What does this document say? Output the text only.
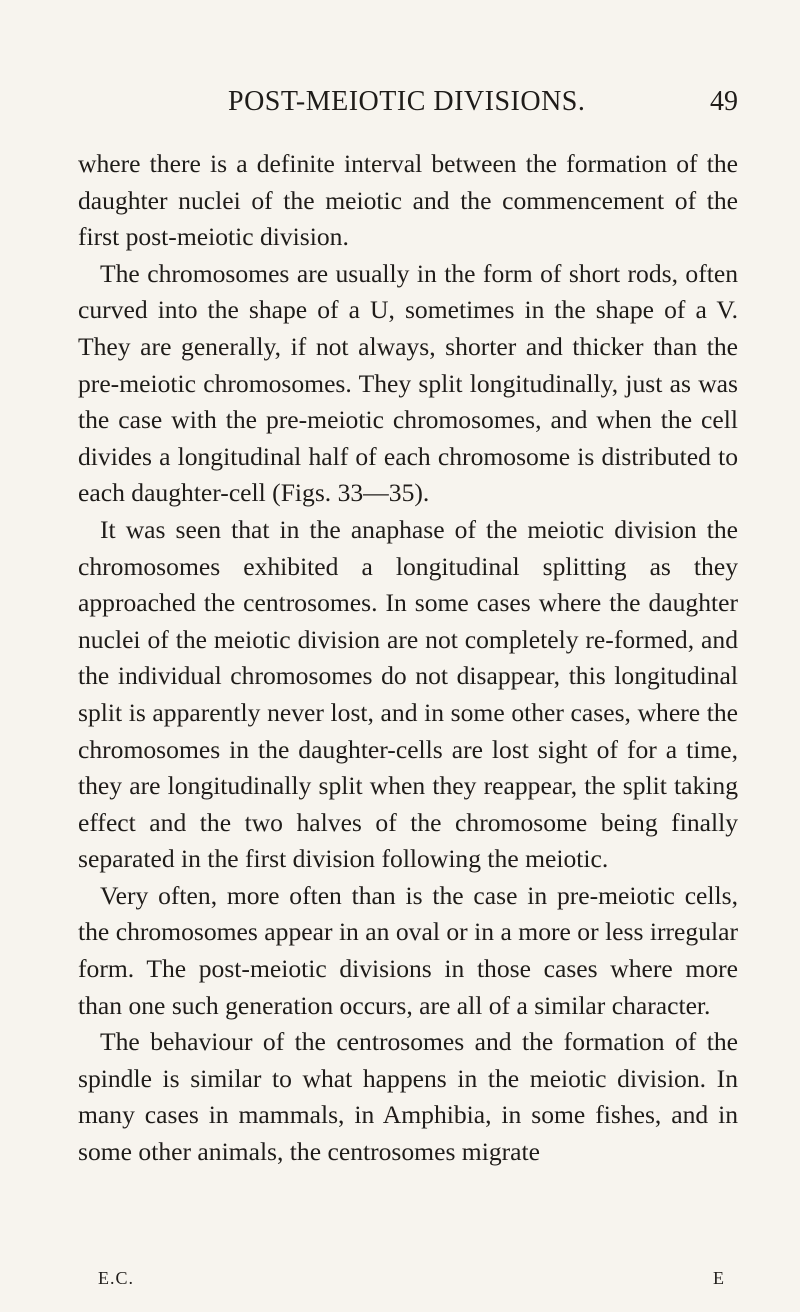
POST-MEIOTIC DIVISIONS.	49

where there is a definite interval between the formation of the daughter nuclei of the meiotic and the commencement of the first post-meiotic division.

The chromosomes are usually in the form of short rods, often curved into the shape of a U, sometimes in the shape of a V. They are generally, if not always, shorter and thicker than the pre-meiotic chromosomes. They split longitudinally, just as was the case with the pre-meiotic chromosomes, and when the cell divides a longitudinal half of each chromosome is distributed to each daughter-cell (Figs. 33—35).

It was seen that in the anaphase of the meiotic division the chromosomes exhibited a longitudinal splitting as they approached the centrosomes. In some cases where the daughter nuclei of the meiotic division are not completely re-formed, and the individual chromosomes do not disappear, this longitudinal split is apparently never lost, and in some other cases, where the chromosomes in the daughter-cells are lost sight of for a time, they are longitudinally split when they reappear, the split taking effect and the two halves of the chromosome being finally separated in the first division following the meiotic.

Very often, more often than is the case in pre-meiotic cells, the chromosomes appear in an oval or in a more or less irregular form. The post-meiotic divisions in those cases where more than one such generation occurs, are all of a similar character.

The behaviour of the centrosomes and the formation of the spindle is similar to what happens in the meiotic division. In many cases in mammals, in Amphibia, in some fishes, and in some other animals, the centrosomes migrate

E.C.	E
